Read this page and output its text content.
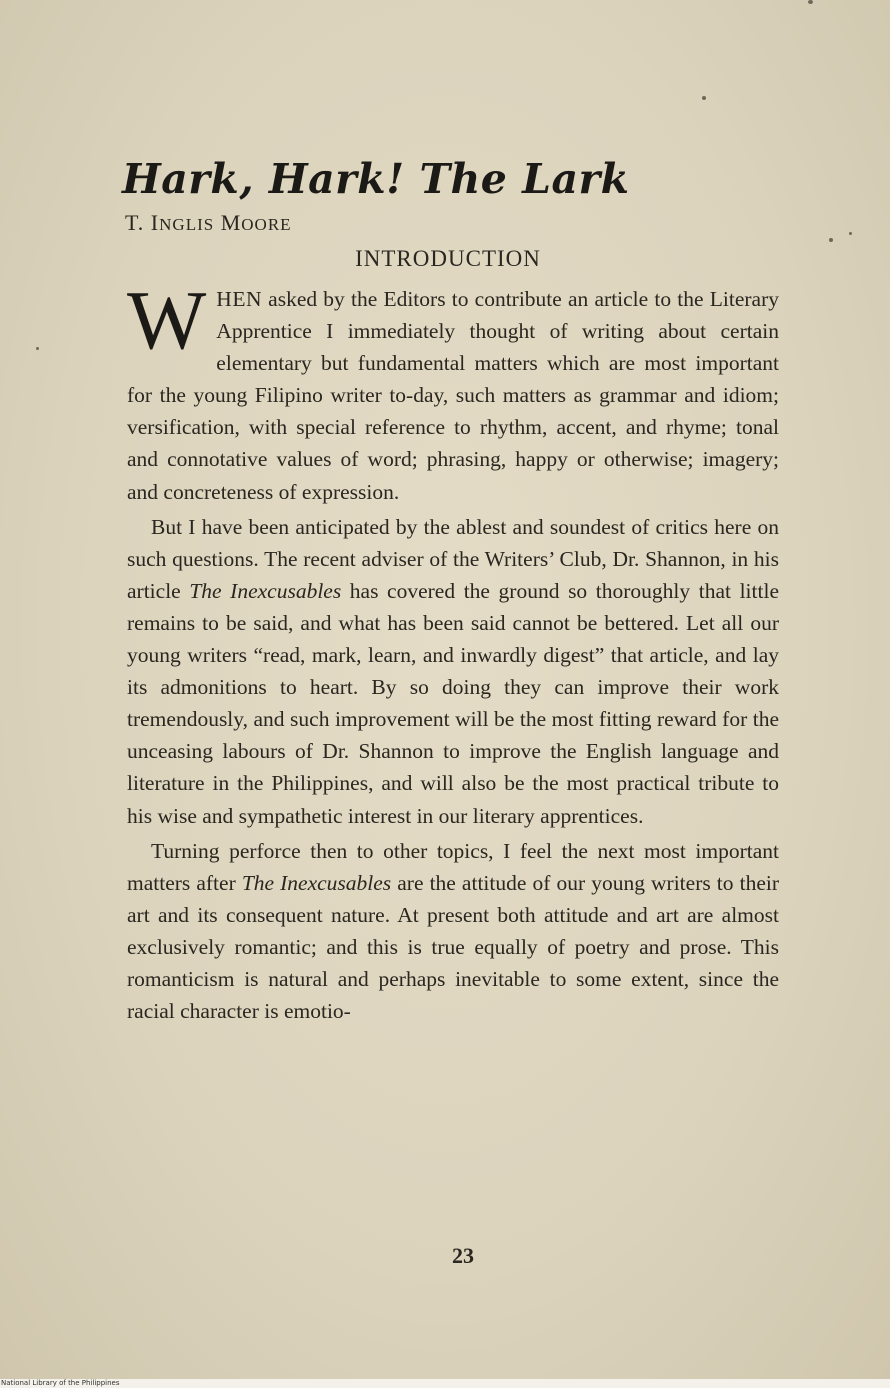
Hark, Hark! The Lark
T. INGLIS MOORE
INTRODUCTION

WHEN asked by the Editors to contribute an article to the Literary Apprentice I immediately thought of writing about certain elementary but fundamental matters which are most important for the young Filipino writer to-day, such matters as grammar and idiom; versification, with special reference to rhythm, accent, and rhyme; tonal and connotative values of word; phrasing, happy or otherwise; imagery; and concreteness of expression.

But I have been anticipated by the ablest and soundest of critics here on such questions. The recent adviser of the Writers’ Club, Dr. Shannon, in his article The Inexcusables has covered the ground so thoroughly that little remains to be said, and what has been said cannot be bettered. Let all our young writers “read, mark, learn, and inwardly digest” that article, and lay its admonitions to heart. By so doing they can improve their work tremendously, and such improvement will be the most fitting reward for the unceasing labours of Dr. Shannon to improve the English language and literature in the Philippines, and will also be the most practical tribute to his wise and sympathetic interest in our literary apprentices.

Turning perforce then to other topics, I feel the next most important matters after The Inexcusables are the attitude of our young writers to their art and its consequent nature. At present both attitude and art are almost exclusively romantic; and this is true equally of poetry and prose. This romanticism is natural and perhaps inevitable to some extent, since the racial character is emotio-

23
National Library of the Philippines
